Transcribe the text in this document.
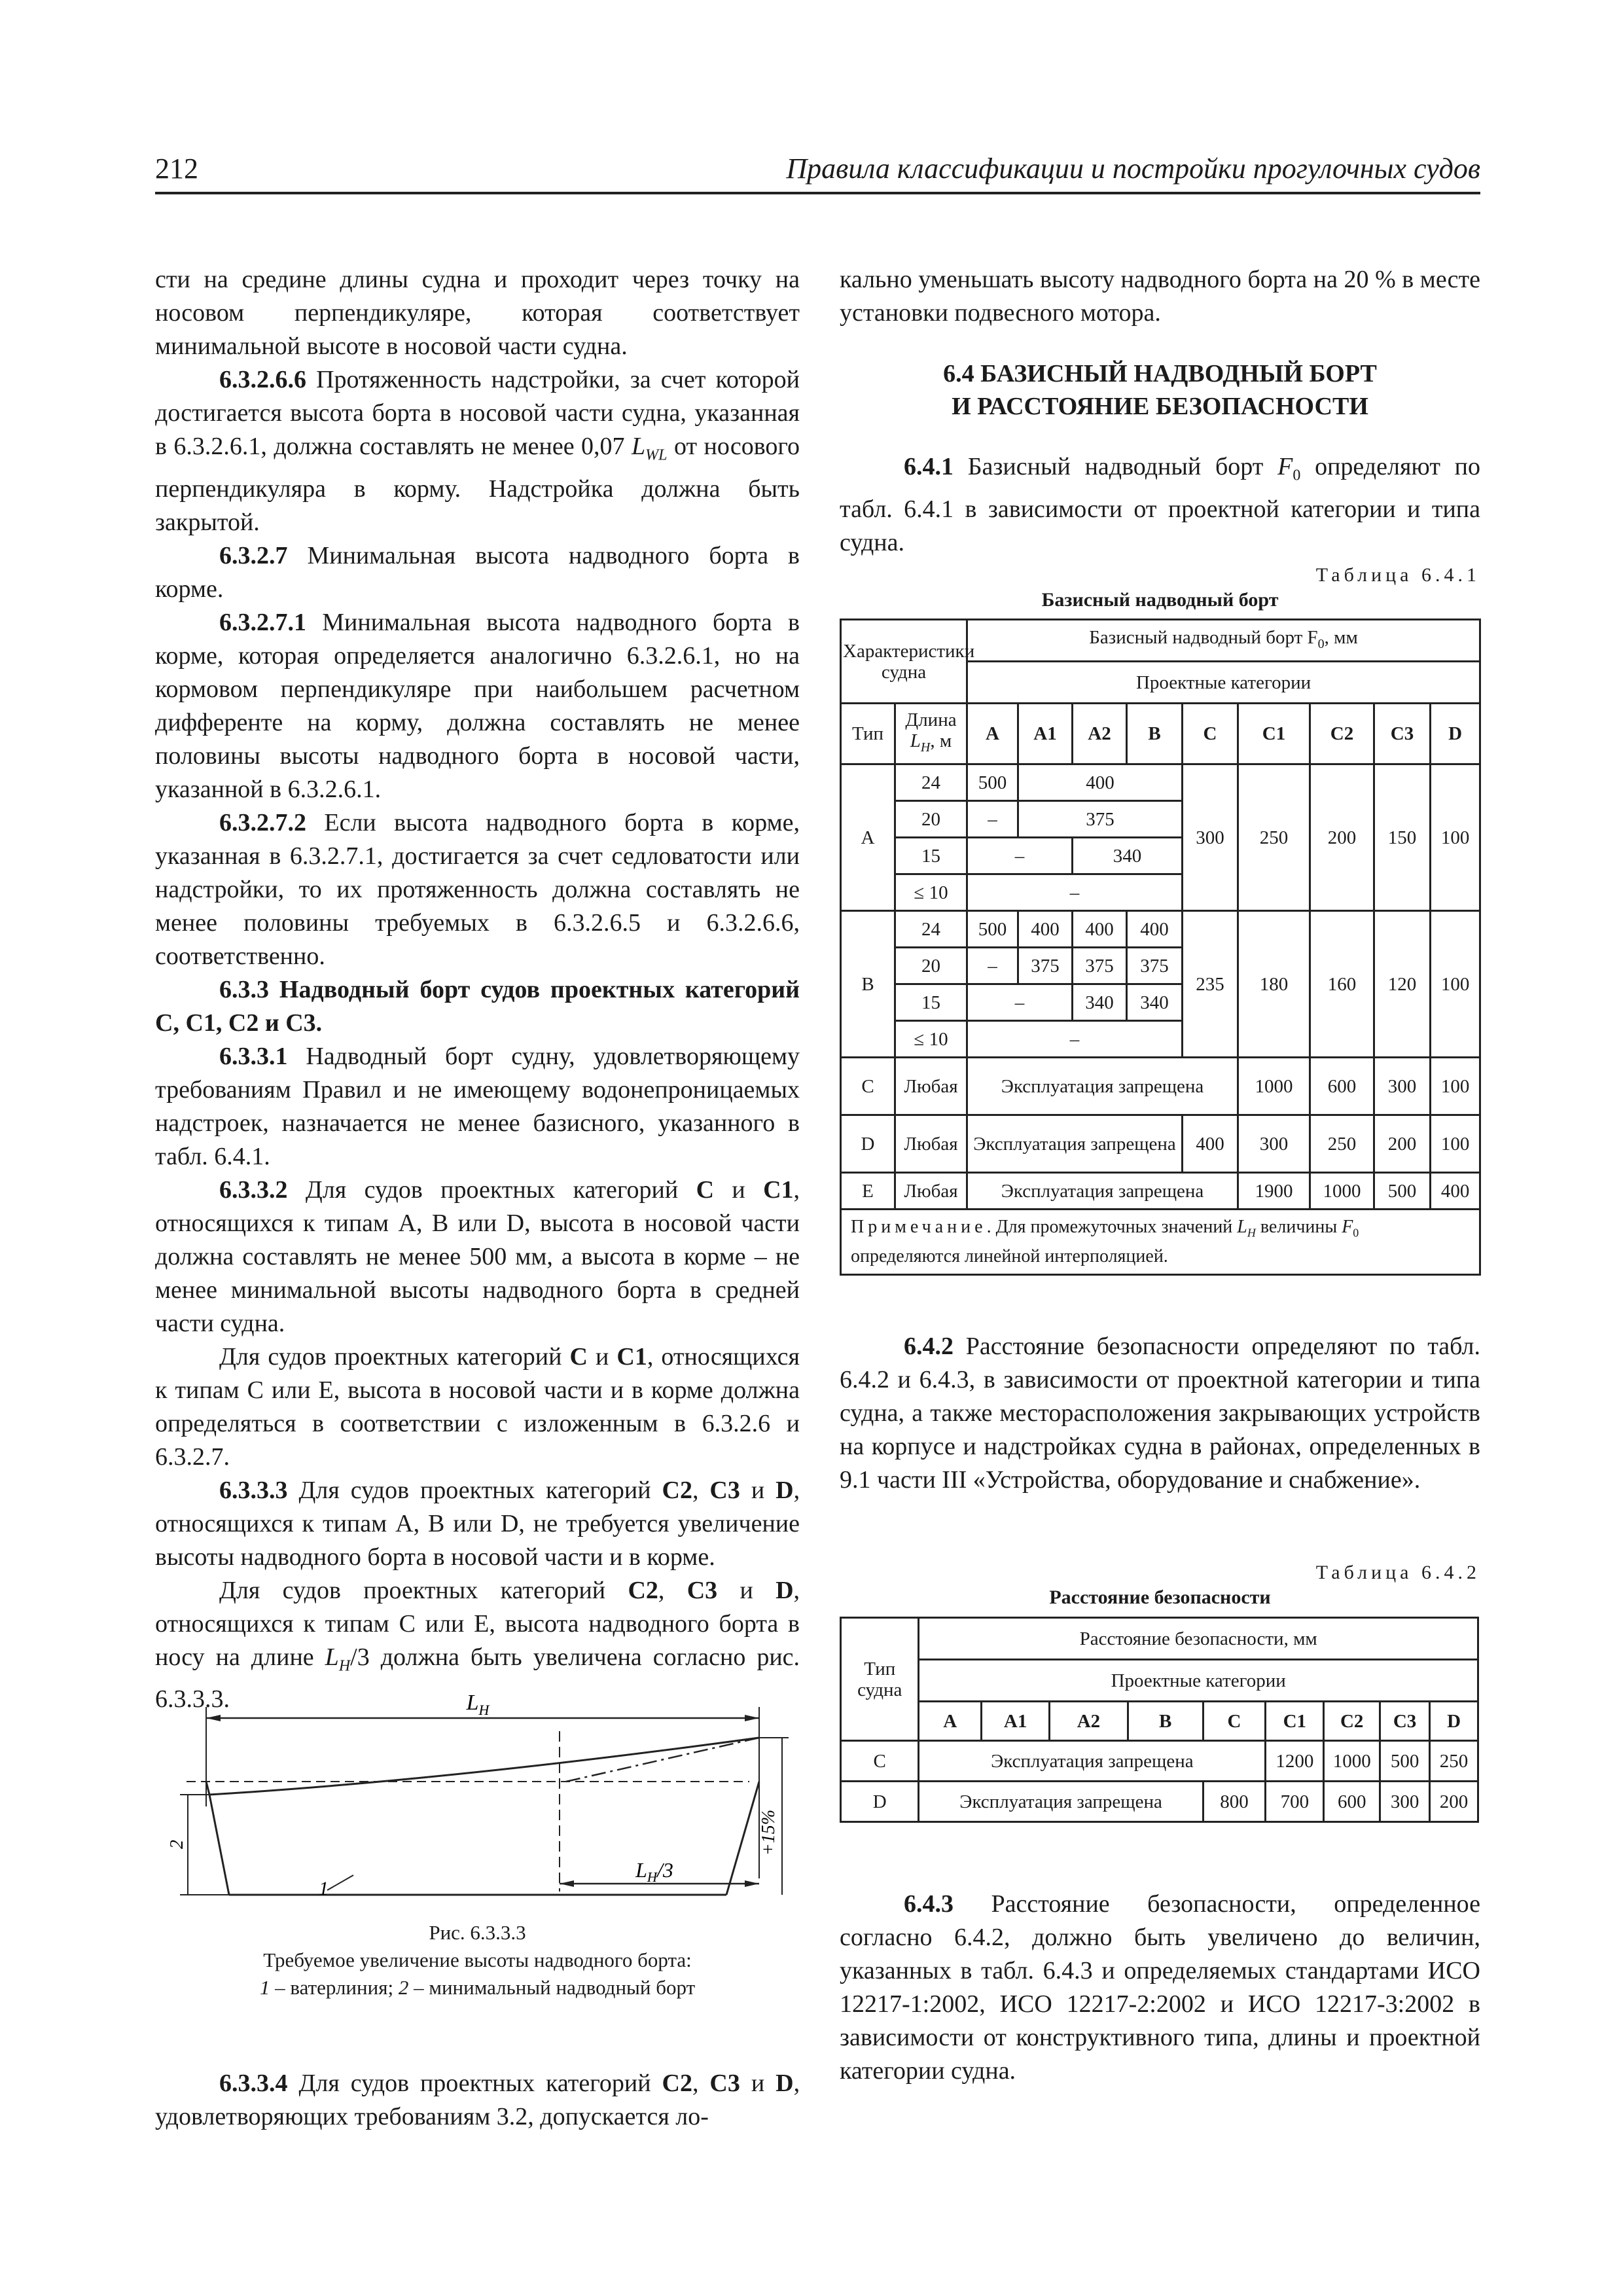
212	Правила классификации и постройки прогулочных судов

сти на средине длины судна и проходит через точку на носовом перпендикуляре, которая соответствует минимальной высоте в носовой части судна.

6.3.2.6.6 Протяженность надстройки, за счет которой достигается высота борта в носовой части судна, указанная в 6.3.2.6.1, должна составлять не менее 0,07 $L_{WL}$ от носового перпендикуляра в корму. Надстройка должна быть закрытой.

6.3.2.7 Минимальная высота надводного борта в корме.

6.3.2.7.1 Минимальная высота надводного борта в корме, которая определяется аналогично 6.3.2.6.1, но на кормовом перпендикуляре при наибольшем расчетном дифференте на корму, должна составлять не менее половины высоты надводного борта в носовой части, указанной в 6.3.2.6.1.

6.3.2.7.2 Если высота надводного борта в корме, указанная в 6.3.2.7.1, достигается за счет седловатости или надстройки, то их протяженность должна составлять не менее половины требуемых в 6.3.2.6.5 и 6.3.2.6.6, соответственно.

6.3.3 Надводный борт судов проектных категорий C, C1, C2 и C3.

6.3.3.1 Надводный борт судну, удовлетворяющему требованиям Правил и не имеющему водонепроницаемых надстроек, назначается не менее базисного, указанного в табл. 6.4.1.

6.3.3.2 Для судов проектных категорий C и C1, относящихся к типам A, B или D, высота в носовой части должна составлять не менее 500 мм, а высота в корме – не менее минимальной высоты надводного борта в средней части судна.

Для судов проектных категорий C и C1, относящихся к типам C или E, высота в носовой части и в корме должна определяться в соответствии с изложенным в 6.3.2.6 и 6.3.2.7.

6.3.3.3 Для судов проектных категорий C2, C3 и D, относящихся к типам A, B или D, не требуется увеличение высоты надводного борта в носовой части и в корме.

Для судов проектных категорий C2, C3 и D, относящихся к типам C или E, высота надводного борта в носу на длине $L_H/3$ должна быть увеличена согласно рис. 6.3.3.3.	$L_H$
$L_H/3$
2	+15%
1
Рис. 6.3.3.3
Требуемое увеличение высоты надводного борта:
1 – ватерлиния; 2 – минимальный надводный борт

6.3.3.4 Для судов проектных категорий C2, C3 и D, удовлетворяющих требованиям 3.2, допускается ло-

кально уменьшать высоту надводного борта на 20 % в месте установки подвесного мотора.

6.4 БАЗИСНЫЙ НАДВОДНЫЙ БОРТ
И РАССТОЯНИЕ БЕЗОПАСНОСТИ

6.4.1 Базисный надводный борт $F_0$ определяют по табл. 6.4.1 в зависимости от проектной категории и типа судна.

Таблица 6.4.1
Базисный надводный борт
Характеристики судна		Базисный надводный борт $F_0$, мм								
		Проектные категории								
Тип	Длина
$L_H$, м	A	A1	A2	B	C	C1	C2	C3	D
A	24	500	400			300	250	200	150	100
	20	–	375							
	15	–		340						
	≤ 10	–								
B	24	500	400	400	400	235	180	160	120	100
	20	–	375	375	375					
	15	–		340	340					
	≤ 10	–								
C	Любая	Эксплуатация запрещена					1000	600	300	100
D	Любая	Эксплуатация запрещена				400	300	250	200	100
E	Любая	Эксплуатация запрещена					1900	1000	500	400
Примечание. Для промежуточных значений $L_H$ величины $F_0$ определяются линейной интерполяцией.										

6.4.2 Расстояние безопасности определяют по табл. 6.4.2 и 6.4.3, в зависимости от проектной категории и типа судна, а также месторасположения закрывающих устройств на корпусе и надстройках судна в районах, определенных в 9.1 части III «Устройства, оборудование и снабжение».

Таблица 6.4.2
Расстояние безопасности
Тип судна	Расстояние безопасности, мм								
	Проектные категории								
	A	A1	A2	B	C	C1	C2	C3	D
C	Эксплуатация запрещена					1200	1000	500	250
D	Эксплуатация запрещена				800	700	600	300	200

6.4.3 Расстояние безопасности, определенное согласно 6.4.2, должно быть увеличено до величин, указанных в табл. 6.4.3 и определяемых стандартами ИСО 12217-1:2002, ИСО 12217-2:2002 и ИСО 12217-3:2002 в зависимости от конструктивного типа, длины и проектной категории судна.
